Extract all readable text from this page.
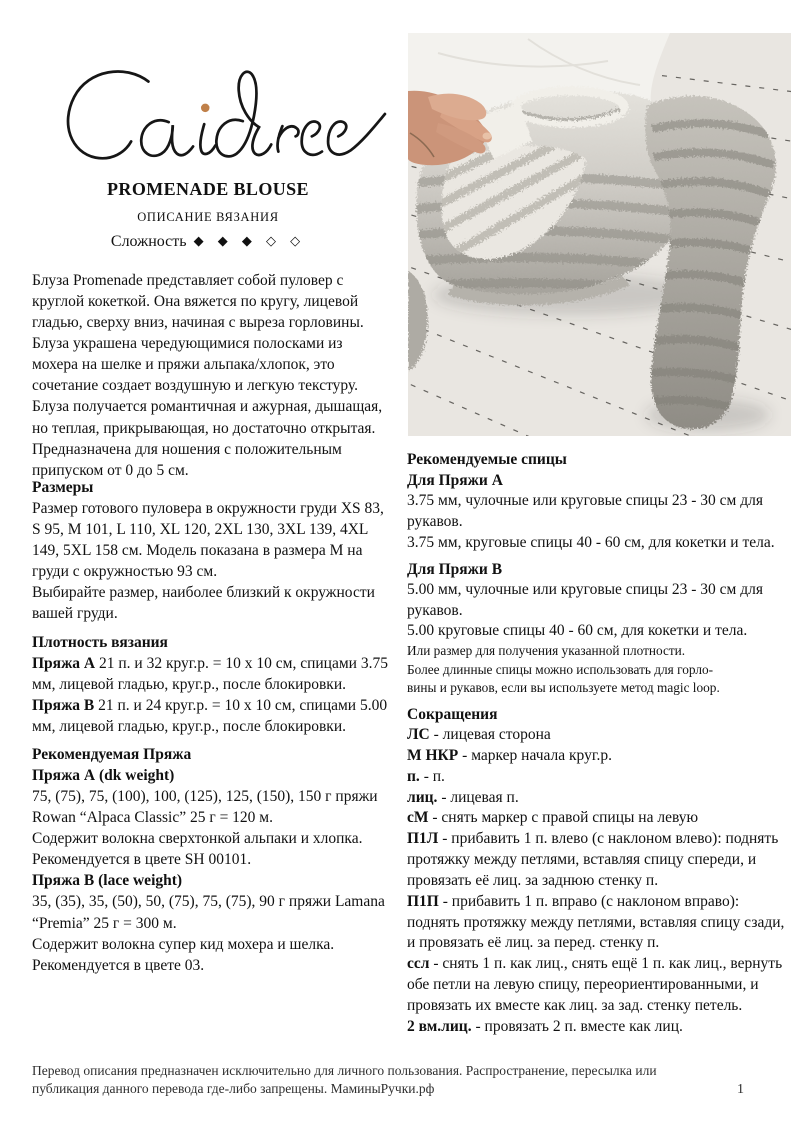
PROMENADE BLOUSE
ОПИСАНИЕ ВЯЗАНИЯ
Сложность ◆ ◆ ◆ ◇ ◇

Блуза Promenade представляет собой пуловер с круглой кокеткой. Она вяжется по кругу, лицевой гладью, сверху вниз, начиная с выреза горловины. Блуза украшена чередующимися полосками из мохера на шелке и пряжи альпака/хлопок, это сочетание создает воздушную и легкую текстуру. Блуза получается романтичная и ажурная, дышащая, но теплая, прикрывающая, но достаточно открытая. Предназначена для ношения с положительным припуском от 0 до 5 см.

Размеры

Размер готового пуловера в окружности груди XS 83, S 95, M 101, L 110, XL 120, 2XL 130, 3XL 139, 4XL 149, 5XL 158 см. Модель показана в размера М на груди с окружностью 93 см.

Выбирайте размер, наиболее близкий к окружности вашей груди.

Плотность вязания

Пряжа А 21 п. и 32 круг.р. = 10 x 10 см, спицами 3.75 мм, лицевой гладью, круг.р., после блокировки.

Пряжа В 21 п. и 24 круг.р. = 10 x 10 см, спицами 5.00 мм, лицевой гладью, круг.р., после блокировки.

Рекомендуемая Пряжа
Пряжа А (dk weight)

75, (75), 75, (100), 100, (125), 125, (150), 150 г пряжи Rowan “Alpaca Classic” 25 г = 120 м.

Содержит волокна сверхтонкой альпаки и хлопка.

Рекомендуется в цвете SH 00101.

Пряжа В (lace weight)

35, (35), 35, (50), 50, (75), 75, (75), 90 г пряжи Lamana “Premia” 25 г = 300 м.

Содержит волокна супер кид мохера и шелка.

Рекомендуется в цвете 03.

Рекомендуемые спицы
Для Пряжи А

3.75 мм, чулочные или круговые спицы 23 - 30 см для рукавов.

3.75 мм, круговые спицы 40 - 60 см, для кокетки и тела.

Для Пряжи В

5.00 мм, чулочные или круговые спицы 23 - 30 см для рукавов.

5.00 круговые спицы 40 - 60 см, для кокетки и тела.

Или размер для получения указанной плотности.

Более длинные спицы можно использовать для горло-

вины и рукавов, если вы используете метод magic loop.

Сокращения

ЛС - лицевая сторона

М НКР - маркер начала круг.р.

п. - п.

лиц. - лицевая п.

сМ - снять маркер с правой спицы на левую

П1Л - прибавить 1 п. влево (с наклоном влево): поднять протяжку между петлями, вставляя спицу спереди, и провязать её лиц. за заднюю стенку п.

П1П - прибавить 1 п. вправо (с наклоном вправо): поднять протяжку между петлями, вставляя спицу сзади, и провязать её лиц. за перед. стенку п.

ссл - снять 1 п. как лиц., снять ещё 1 п. как лиц., вернуть обе петли на левую спицу, переориентированными, и провязать их вместе как лиц. за зад. стенку петель.

2 вм.лиц. - провязать 2 п. вместе как лиц.

Перевод описания предназначен исключительно для личного пользования. Распространение, пересылка или публикация данного перевода где-либо запрещены. МаминыРучки.рф	1
